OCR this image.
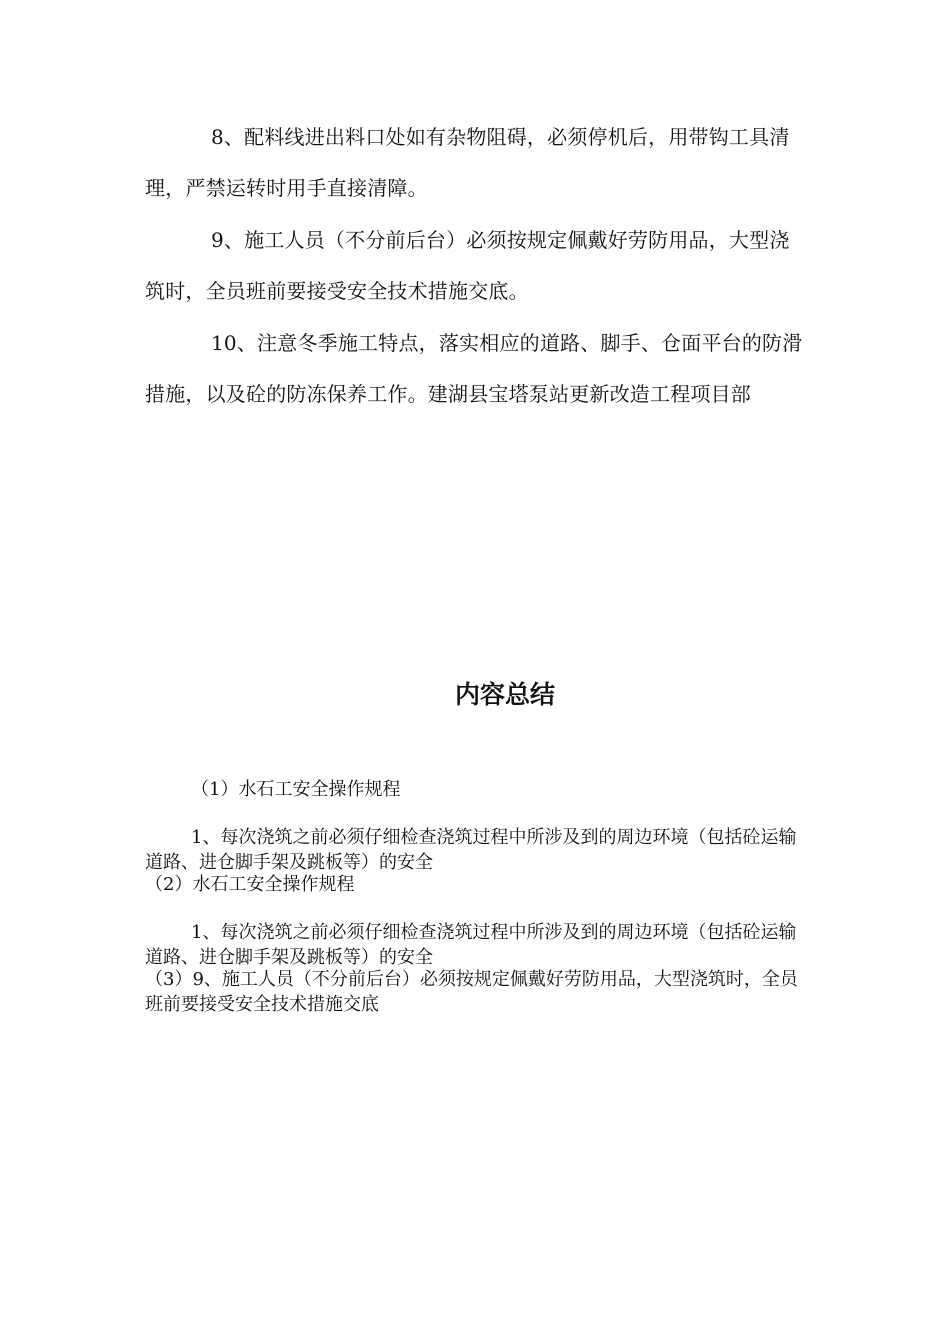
8、配料线进出料口处如有杂物阻碍，必须停机后，用带钩工具清理，严禁运转时用手直接清障。

9、施工人员（不分前后台）必须按规定佩戴好劳防用品，大型浇筑时，全员班前要接受安全技术措施交底。

10、注意冬季施工特点，落实相应的道路、脚手、仓面平台的防滑措施，以及砼的防冻保养工作。建湖县宝塔泵站更新改造工程项目部

内容总结

（1）水石工安全操作规程

1、每次浇筑之前必须仔细检查浇筑过程中所涉及到的周边环境（包括砼运输道路、进仓脚手架及跳板等）的安全

（2）水石工安全操作规程

1、每次浇筑之前必须仔细检查浇筑过程中所涉及到的周边环境（包括砼运输道路、进仓脚手架及跳板等）的安全

（3）9、施工人员（不分前后台）必须按规定佩戴好劳防用品，大型浇筑时，全员班前要接受安全技术措施交底
